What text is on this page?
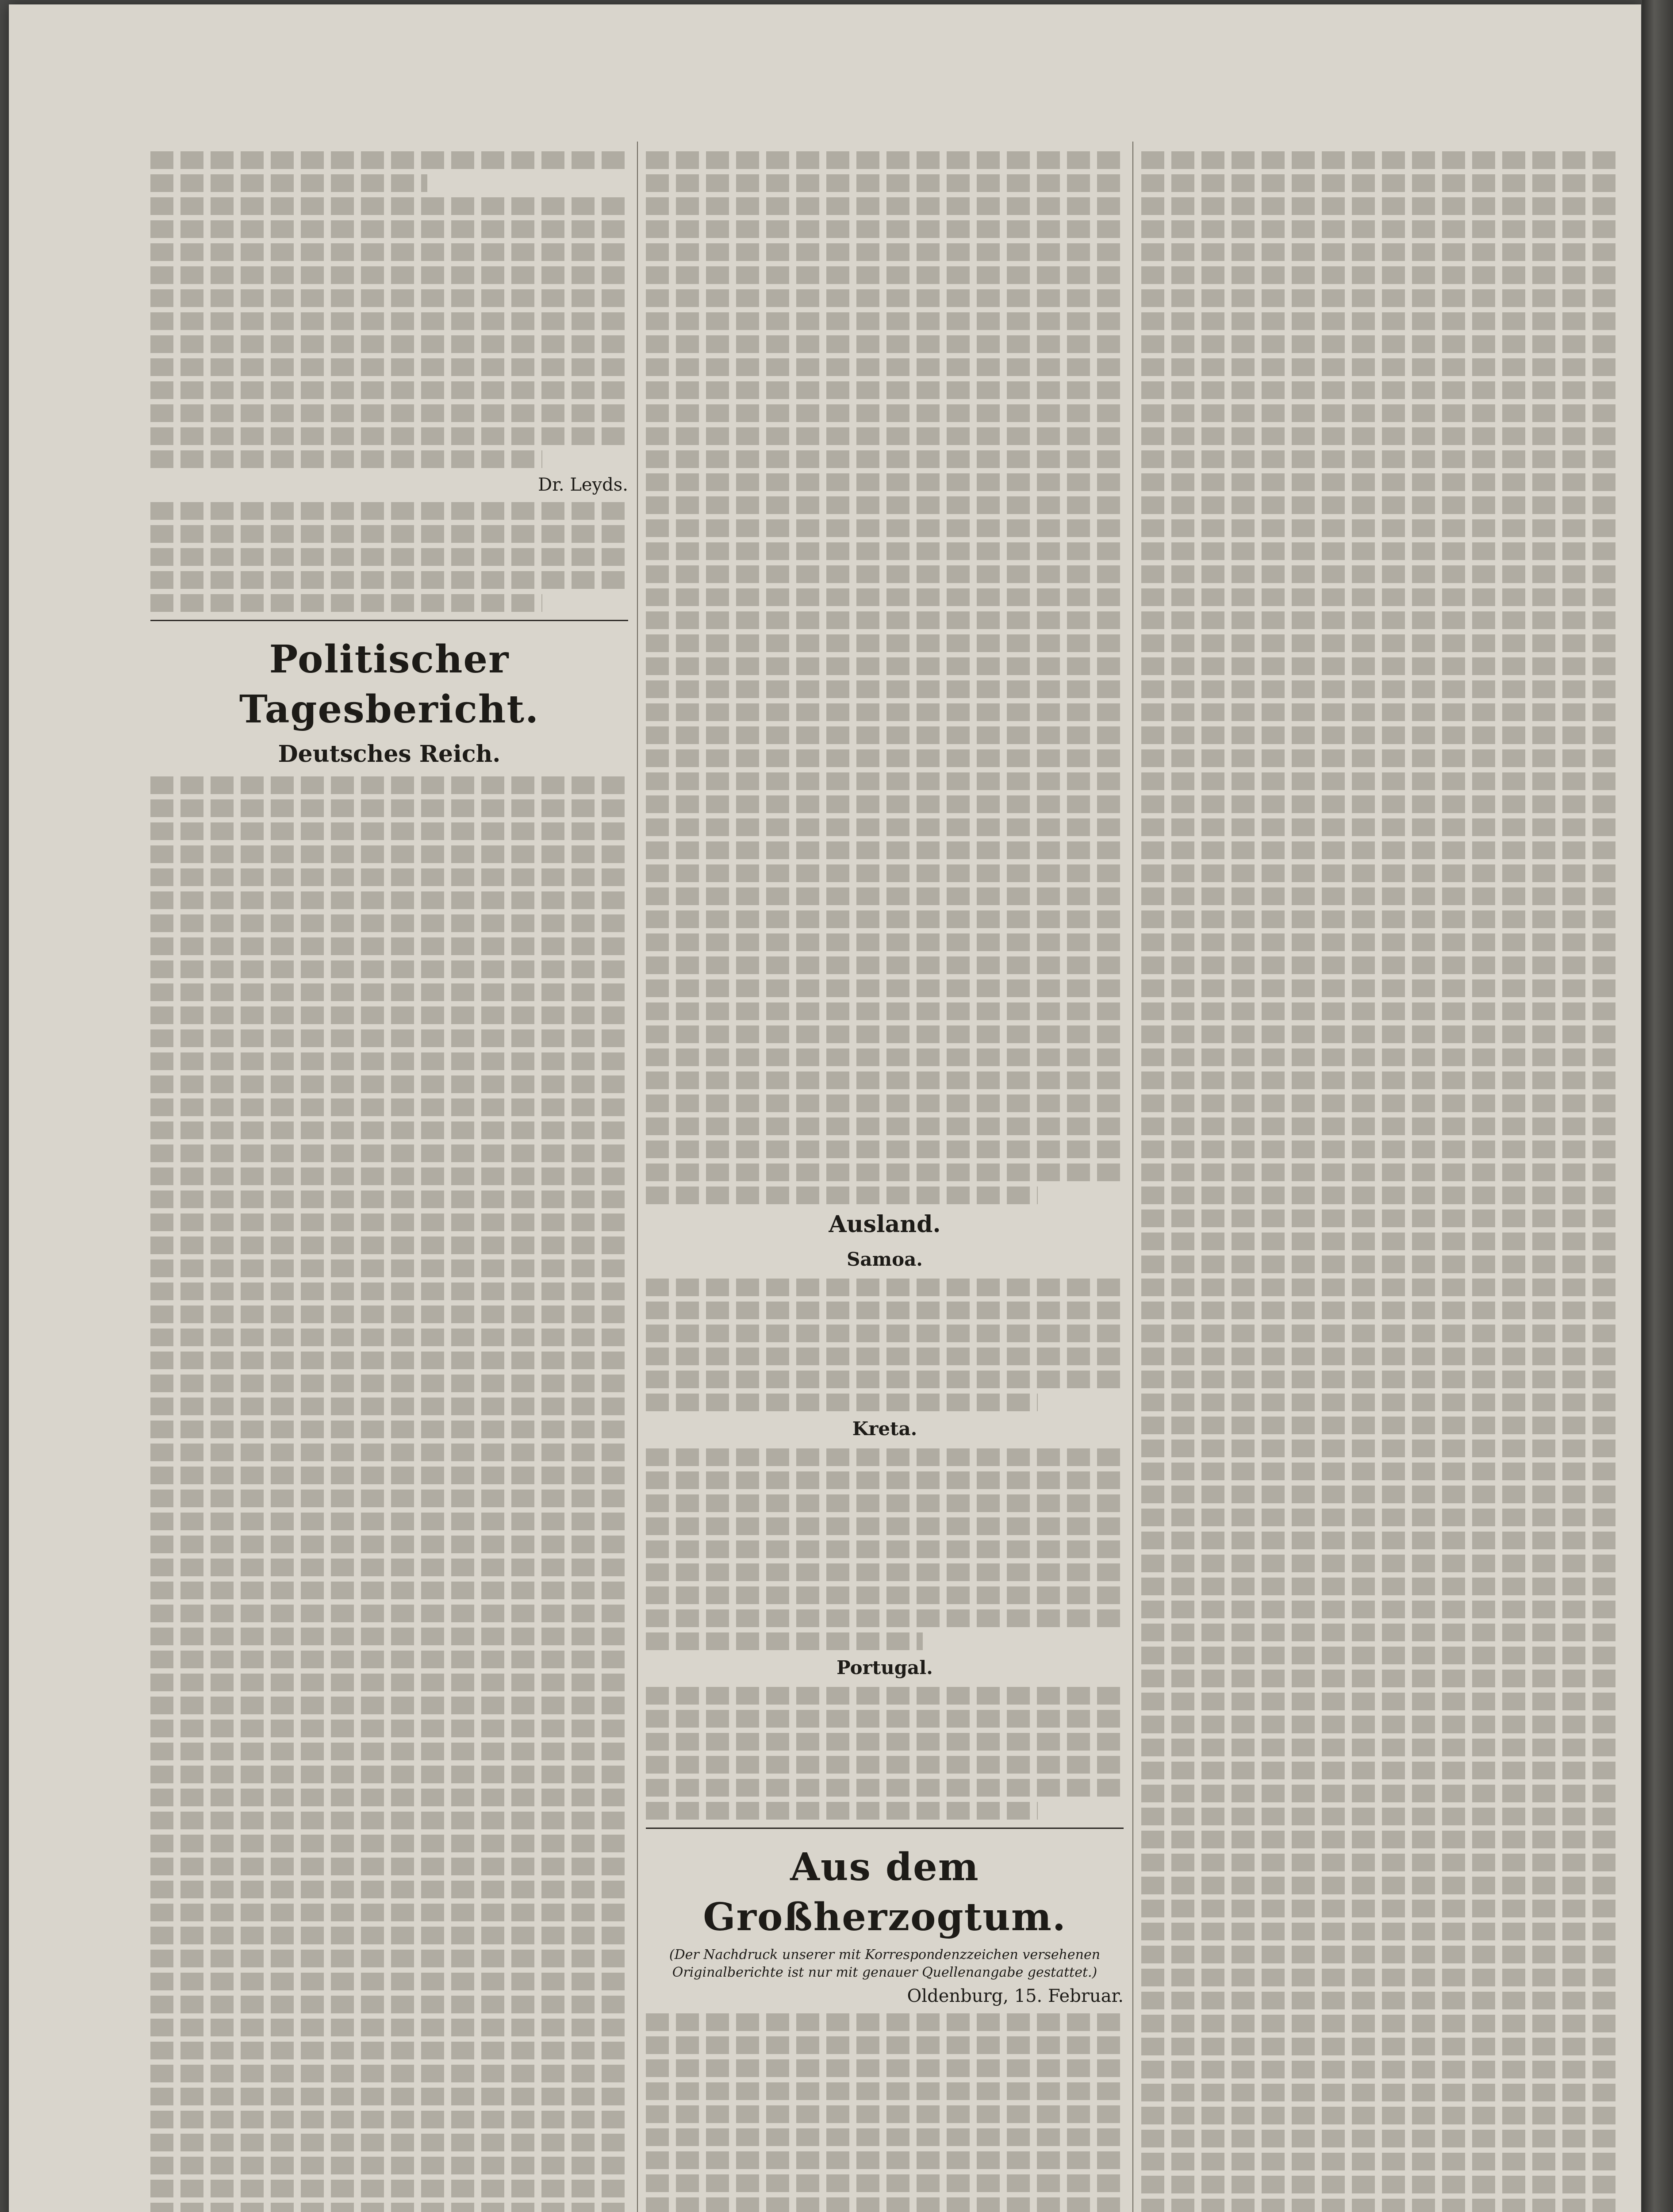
Dr. Leyds.

Politischer Tagesbericht.
Deutsches Reich.
Ausland.
Samoa.
Kreta.
Portugal.
Aus dem Großherzogtum.

(Der Nachdruck unserer mit Korrespondenzzeichen versehenen Originalberichte ist nur mit genauer Quellenangabe gestattet.)

Oldenburg, 15. Februar.
